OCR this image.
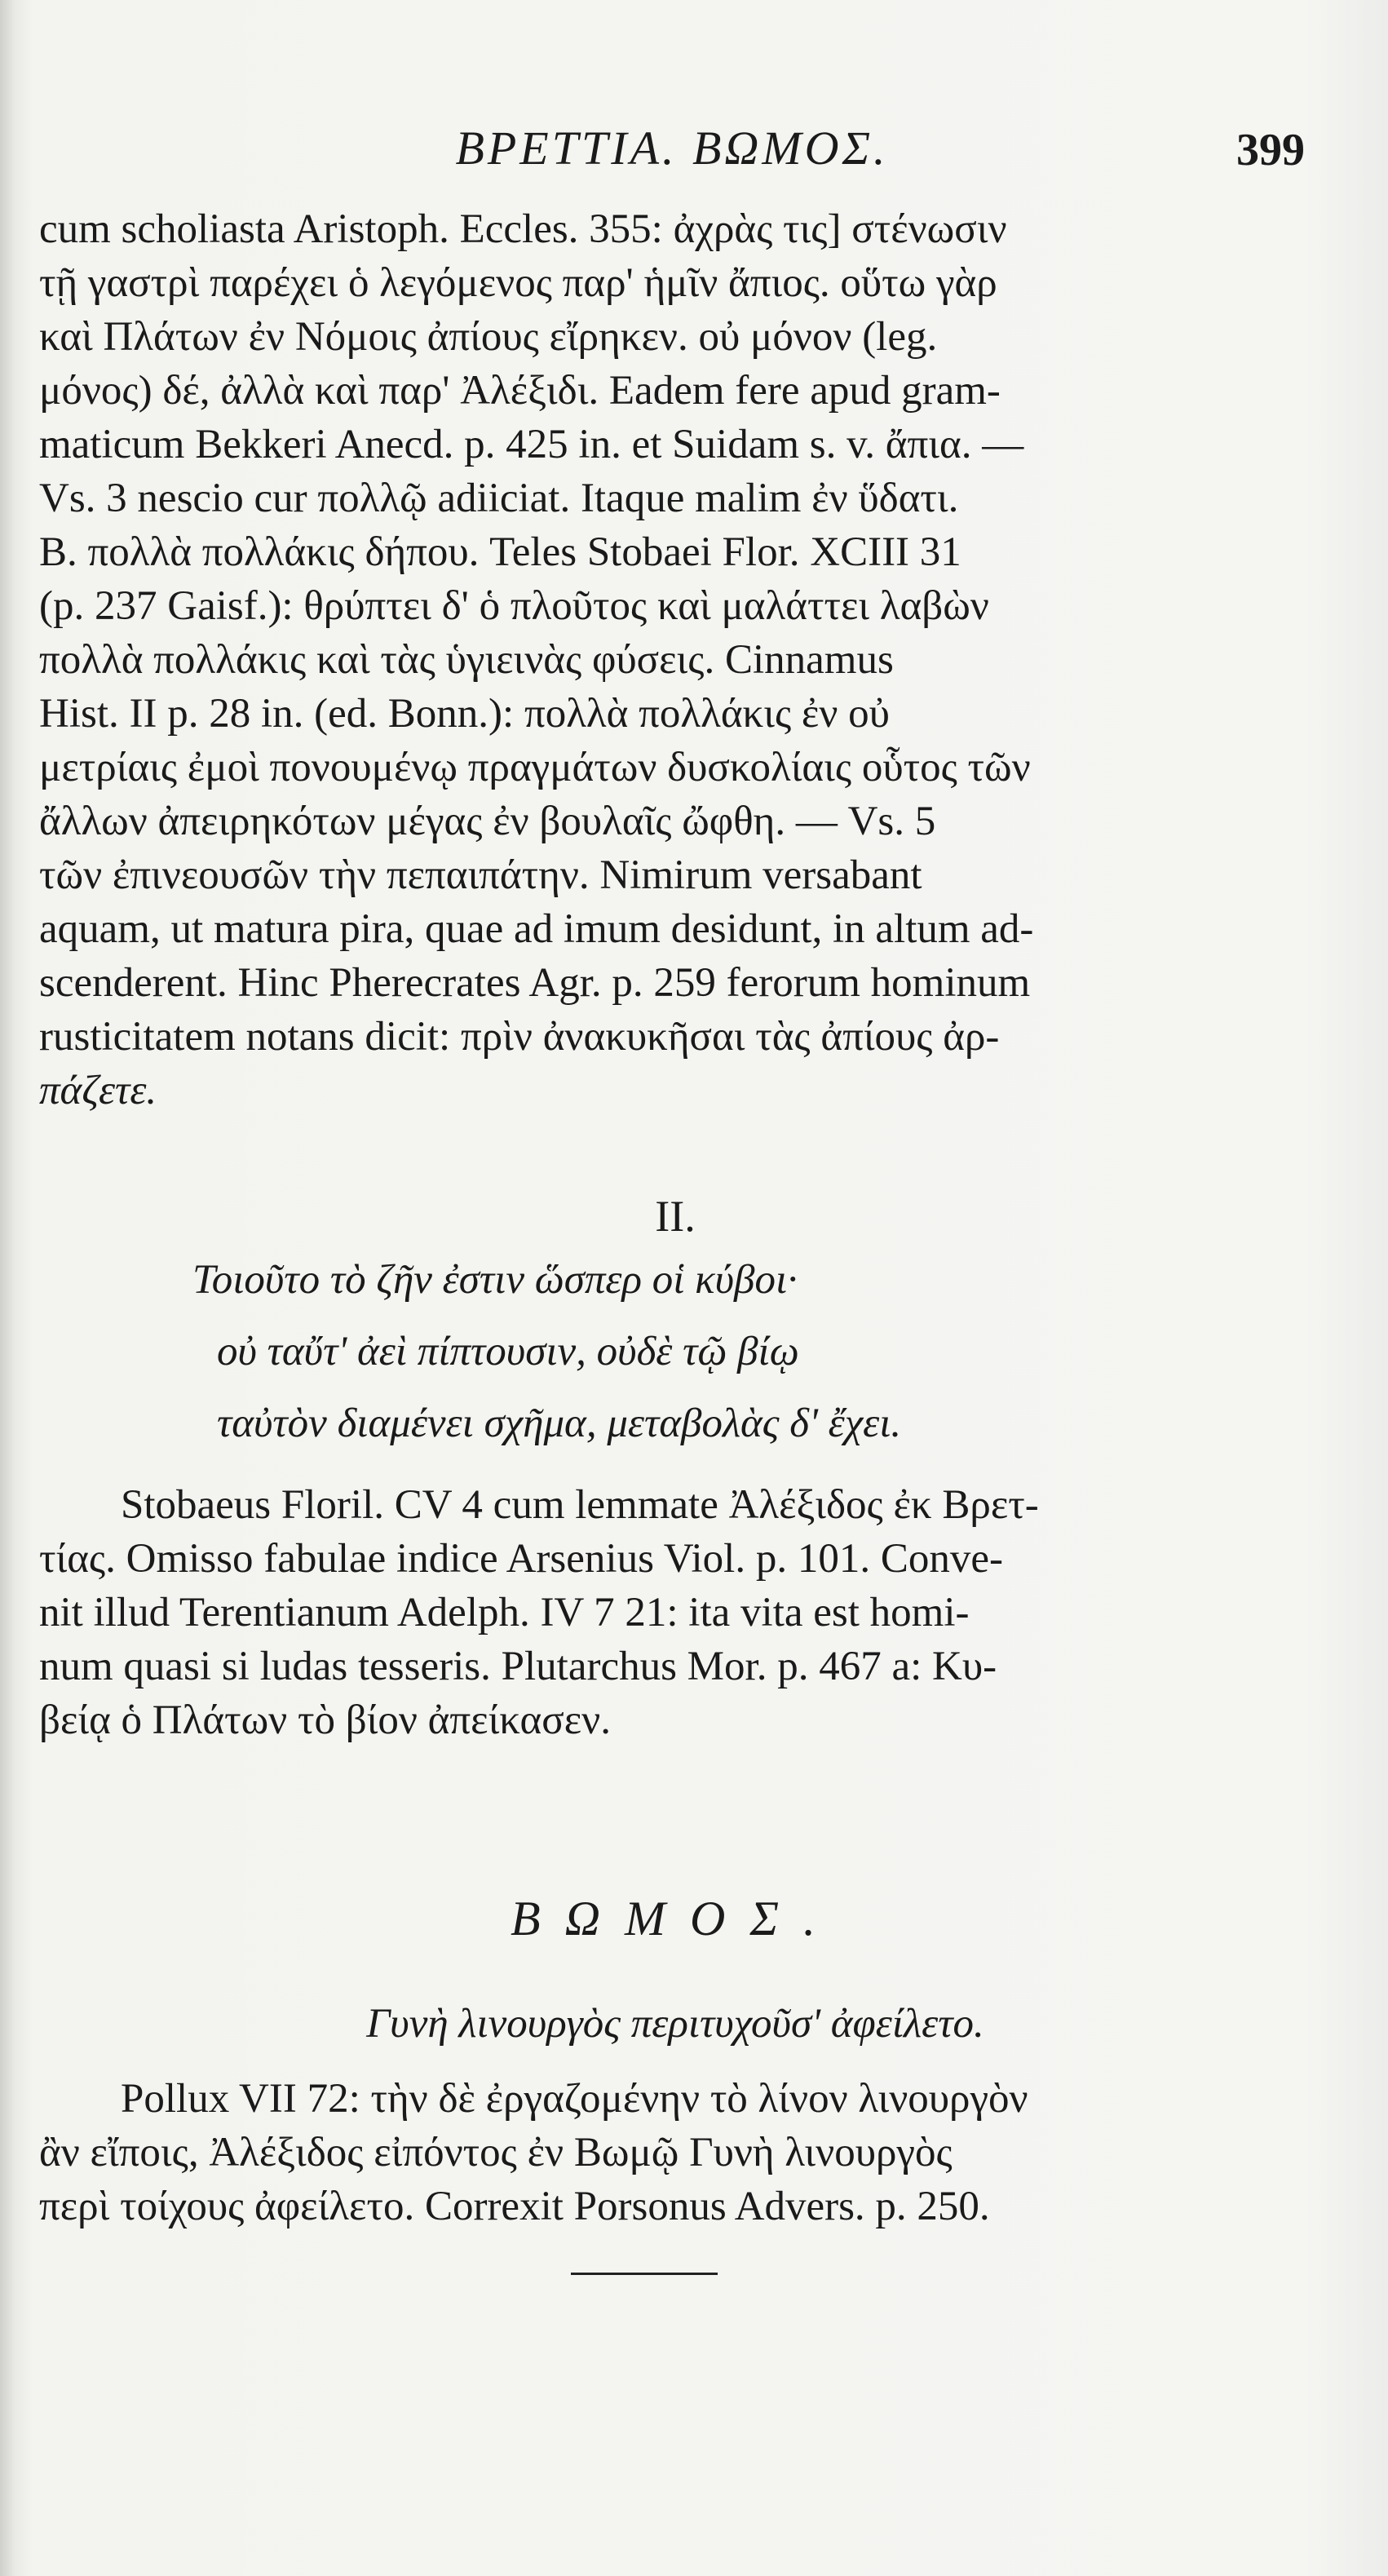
ΒΡΕΤΤΙΑ. ΒΩΜΟΣ.	399
cum scholiasta Aristoph. Eccles. 355: ἀχρὰς τις] στένωσιν
τῇ γαστρὶ παρέχει ὁ λεγόμενος παρ' ἡμῖν ἄπιος. οὕτω γὰρ
καὶ Πλάτων ἐν Νόμοις ἀπίους εἴρηκεν. οὐ μόνον (leg.
μόνος) δέ, ἀλλὰ καὶ παρ' Ἀλέξιδι. Eadem fere apud gram-
maticum Bekkeri Anecd. p. 425 in. et Suidam s. v. ἄπια. —
Vs. 3 nescio cur πολλῷ adiiciat. Itaque malim ἐν ὕδατι.
B. πολλὰ πολλάκις δήπου. Teles Stobaei Flor. XCIII 31
(p. 237 Gaisf.): θρύπτει δ' ὁ πλοῦτος καὶ μαλάττει λαβὼν
πολλὰ πολλάκις καὶ τὰς ὑγιεινὰς φύσεις. Cinnamus
Hist. II p. 28 in. (ed. Bonn.): πολλὰ πολλάκις ἐν οὐ
μετρίαις ἐμοὶ πονουμένῳ πραγμάτων δυσκολίαις οὗτος τῶν
ἄλλων ἀπειρηκότων μέγας ἐν βουλαῖς ὤφθη. — Vs. 5
τῶν ἐπινεουσῶν τὴν πεπαιπάτην. Nimirum versabant
aquam, ut matura pira, quae ad imum desidunt, in altum ad-
scenderent. Hinc Pherecrates Agr. p. 259 ferorum hominum
rusticitatem notans dicit: πρὶν ἀνακυκῆσαι τὰς ἀπίους ἀρ-
πάζετε.
II.
Τοιοῦτο τὸ ζῆν ἐστιν ὥσπερ οἱ κύβοι·
οὐ ταὔτ' ἀεὶ πίπτουσιν, οὐδὲ τῷ βίῳ
ταὐτὸν διαμένει σχῆμα, μεταβολὰς δ' ἔχει.
Stobaeus Floril. CV 4 cum lemmate Ἀλέξιδος ἐκ Βρετ-
τίας. Omisso fabulae indice Arsenius Viol. p. 101. Conve-
nit illud Terentianum Adelph. IV 7 21: ita vita est homi-
num quasi si ludas tesseris. Plutarchus Mor. p. 467 a: Κυ-
βείᾳ ὁ Πλάτων τὸ βίον ἀπείκασεν.
ΒΩΜΟΣ.
Γυνὴ λινουργὸς περιτυχοῦσ' ἀφείλετο.
Pollux VII 72: τὴν δὲ ἐργαζομένην τὸ λίνον λινουργὸν
ἂν εἴποις, Ἀλέξιδος εἰπόντος ἐν Βωμῷ Γυνὴ λινουργὸς
περὶ τοίχους ἀφείλετο. Correxit Porsonus Advers. p. 250.
